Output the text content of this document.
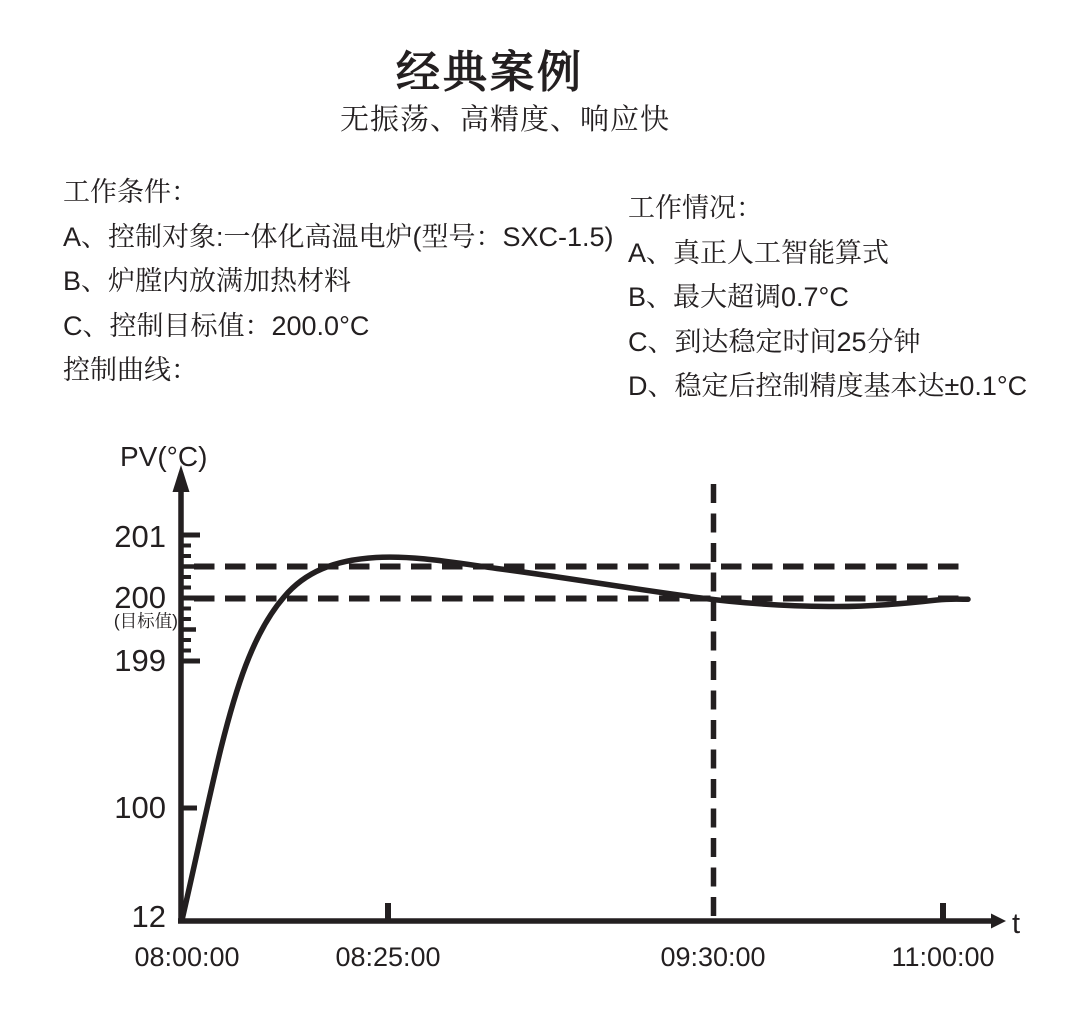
经典案例
无振荡、高精度、响应快
工作条件：
A、控制对象:一体化高温电炉(型号：SXC-1.5)
B、炉膛内放满加热材料
C、控制目标值：200.0°C
控制曲线：
工作情况：
A、真正人工智能算式
B、最大超调0.7°C
C、到达稳定时间25分钟
D、稳定后控制精度基本达±0.1°C
PV(°C)
t
201
200
(目标值)
199
100
12
08:00:00	08:25:00	09:30:00	11:00:00
